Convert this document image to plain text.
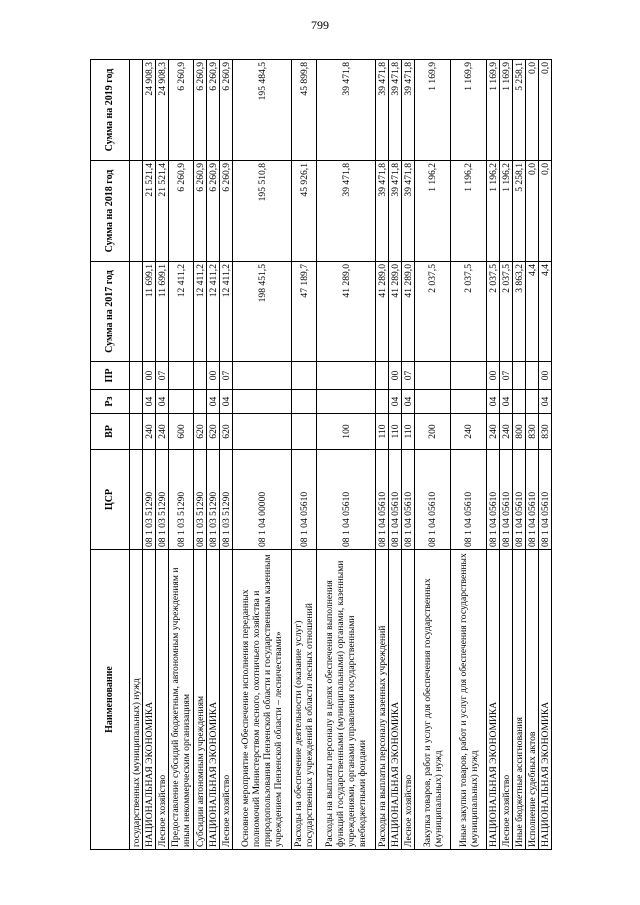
799
Наименование	ЦСР	ВР	Рз	ПР	Сумма на 2017 год	Сумма на 2018 год	Сумма на 2019 год
государственных (муниципальных) нужд							
НАЦИОНАЛЬНАЯ ЭКОНОМИКА	08 1 03 51290	240	04	00	11 699,1	21 521,4	24 908,3
Лесное хозяйство	08 1 03 51290	240	04	07	11 699,1	21 521,4	24 908,3
Предоставление субсидий бюджетным, автономным учреждениям и иным некоммерческим организациям	08 1 03 51290	600			12 411,2	6 260,9	6 260,9
Субсидии автономным учреждениям	08 1 03 51290	620			12 411,2	6 260,9	6 260,9
НАЦИОНАЛЬНАЯ ЭКОНОМИКА	08 1 03 51290	620	04	00	12 411,2	6 260,9	6 260,9
Лесное хозяйство	08 1 03 51290	620	04	07	12 411,2	6 260,9	6 260,9
Основное мероприятие «Обеспечение исполнения переданных полномочий Министерством лесного, охотничьего хозяйства и природопользования Пензенской области и государственным казенным учреждением Пензенской области – лесничествами»	08 1 04 00000				198 451,5	195 510,8	195 484,5
Расходы на обеспечение деятельности (оказание услуг) государственных учреждений в области лесных отношений	08 1 04 05610				47 189,7	45 926,1	45 899,8
Расходы на выплаты персоналу в целях обеспечения выполнения функций государственными (муниципальными) органами, казенными учреждениями, органами управления государственными внебюджетными фондами	08 1 04 05610	100			41 289,0	39 471,8	39 471,8
Расходы на выплаты персоналу казенных учреждений	08 1 04 05610	110			41 289,0	39 471,8	39 471,8
НАЦИОНАЛЬНАЯ ЭКОНОМИКА	08 1 04 05610	110	04	00	41 289,0	39 471,8	39 471,8
Лесное хозяйство	08 1 04 05610	110	04	07	41 289,0	39 471,8	39 471,8
Закупка товаров, работ и услуг для обеспечения государственных (муниципальных) нужд	08 1 04 05610	200			2 037,5	1 196,2	1 169,9
Иные закупки товаров, работ и услуг для обеспечения государственных (муниципальных) нужд	08 1 04 05610	240			2 037,5	1 196,2	1 169,9
НАЦИОНАЛЬНАЯ ЭКОНОМИКА	08 1 04 05610	240	04	00	2 037,5	1 196,2	1 169,9
Лесное хозяйство	08 1 04 05610	240	04	07	2 037,5	1 196,2	1 169,9
Иные бюджетные ассигнования	08 1 04 05610	800			3 863,2	5 258,1	5 258,1
Исполнение судебных актов	08 1 04 05610	830			4,4	0,0	0,0
НАЦИОНАЛЬНАЯ ЭКОНОМИКА	08 1 04 05610	830	04	00	4,4	0,0	0,0
